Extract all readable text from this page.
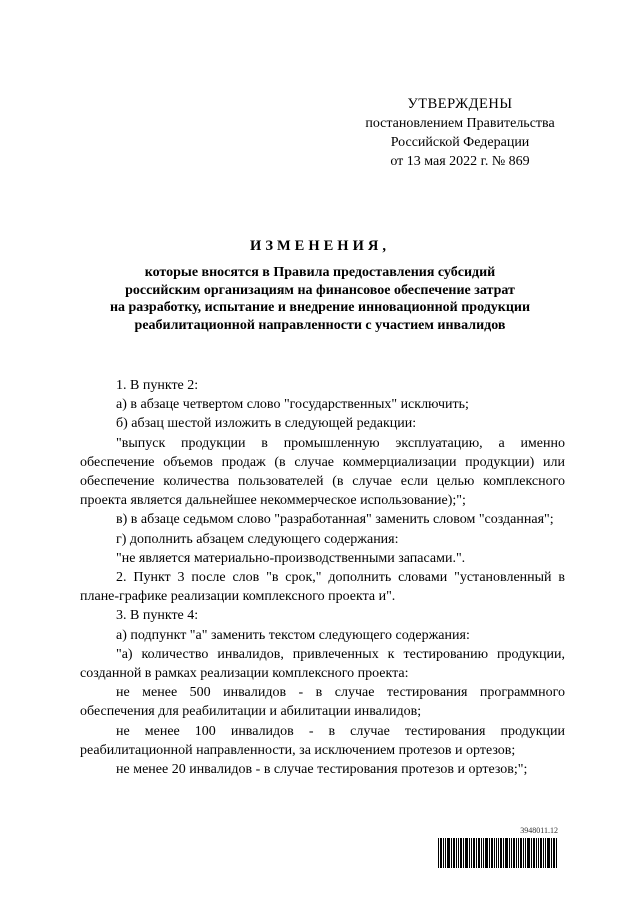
УТВЕРЖДЕНЫ
постановлением Правительства
Российской Федерации
от 13 мая 2022 г. № 869
ИЗМЕНЕНИЯ,
которые вносятся в Правила предоставления субсидий
российским организациям на финансовое обеспечение затрат
на разработку, испытание и внедрение инновационной продукции
реабилитационной направленности с участием инвалидов

1. В пункте 2:

а) в абзаце четвертом слово "государственных" исключить;

б) абзац шестой изложить в следующей редакции:

"выпуск продукции в промышленную эксплуатацию, а именно обеспечение объемов продаж (в случае коммерциализации продукции) или обеспечение количества пользователей (в случае если целью комплексного проекта является дальнейшее некоммерческое использование);";

в) в абзаце седьмом слово "разработанная" заменить словом "созданная";

г) дополнить абзацем следующего содержания:

"не является материально-производственными запасами.".

2. Пункт 3 после слов "в срок," дополнить словами "установленный в плане-графике реализации комплексного проекта и".

3. В пункте 4:

а) подпункт "а" заменить текстом следующего содержания:

"а) количество инвалидов, привлеченных к тестированию продукции, созданной в рамках реализации комплексного проекта:

не менее 500 инвалидов - в случае тестирования программного обеспечения для реабилитации и абилитации инвалидов;

не менее 100 инвалидов - в случае тестирования продукции реабилитационной направленности, за исключением протезов и ортезов;

не менее 20 инвалидов - в случае тестирования протезов и ортезов;";

3948011.12
